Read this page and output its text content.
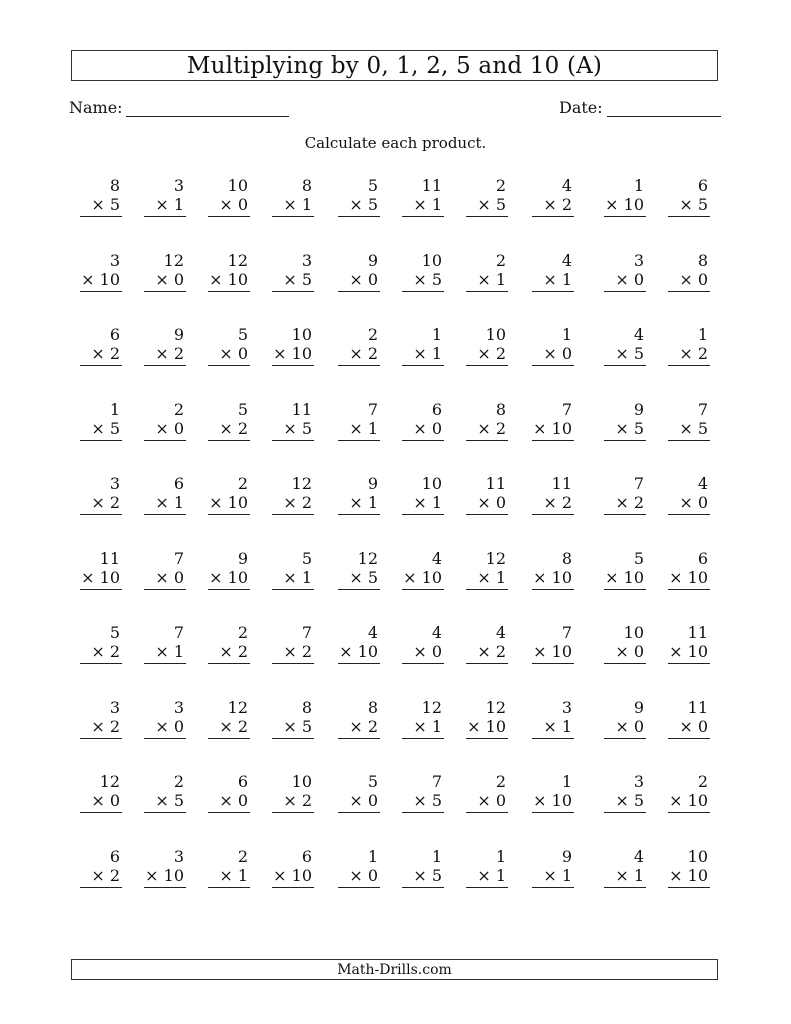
Multiplying by 0, 1, 2, 5 and 10 (A)
Name:	Date:
Calculate each product.
8
× 5
3
× 1
10
× 0
8
× 1
5
× 5
11
× 1
2
× 5
4
× 2
1
× 10
6
× 5
3
× 10
12
× 0
12
× 10
3
× 5
9
× 0
10
× 5
2
× 1
4
× 1
3
× 0
8
× 0
6
× 2
9
× 2
5
× 0
10
× 10
2
× 2
1
× 1
10
× 2
1
× 0
4
× 5
1
× 2
1
× 5
2
× 0
5
× 2
11
× 5
7
× 1
6
× 0
8
× 2
7
× 10
9
× 5
7
× 5
3
× 2
6
× 1
2
× 10
12
× 2
9
× 1
10
× 1
11
× 0
11
× 2
7
× 2
4
× 0
11
× 10
7
× 0
9
× 10
5
× 1
12
× 5
4
× 10
12
× 1
8
× 10
5
× 10
6
× 10
5
× 2
7
× 1
2
× 2
7
× 2
4
× 10
4
× 0
4
× 2
7
× 10
10
× 0
11
× 10
3
× 2
3
× 0
12
× 2
8
× 5
8
× 2
12
× 1
12
× 10
3
× 1
9
× 0
11
× 0
12
× 0
2
× 5
6
× 0
10
× 2
5
× 0
7
× 5
2
× 0
1
× 10
3
× 5
2
× 10
6
× 2
3
× 10
2
× 1
6
× 10
1
× 0
1
× 5
1
× 1
9
× 1
4
× 1
10
× 10
Math-Drills.com
